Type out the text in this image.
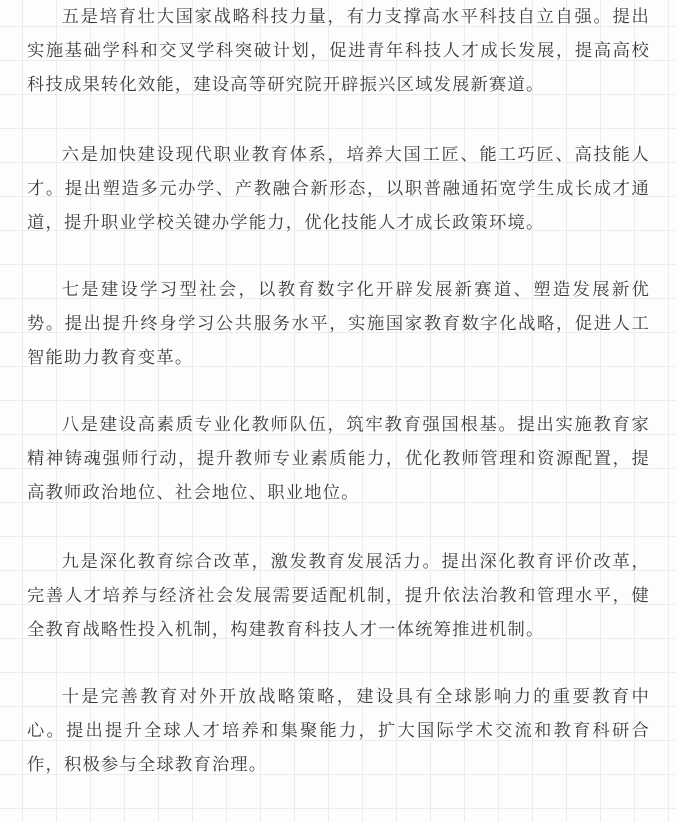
五是培育壮大国家战略科技力量，有力支撑高水平科技自立自强。提出实施基础学科和交叉学科突破计划，促进青年科技人才成长发展，提高高校科技成果转化效能，建设高等研究院开辟振兴区域发展新赛道。

六是加快建设现代职业教育体系，培养大国工匠、能工巧匠、高技能人才。提出塑造多元办学、产教融合新形态，以职普融通拓宽学生成长成才通道，提升职业学校关键办学能力，优化技能人才成长政策环境。

七是建设学习型社会，以教育数字化开辟发展新赛道、塑造发展新优势。提出提升终身学习公共服务水平，实施国家教育数字化战略，促进人工智能助力教育变革。

八是建设高素质专业化教师队伍，筑牢教育强国根基。提出实施教育家精神铸魂强师行动，提升教师专业素质能力，优化教师管理和资源配置，提高教师政治地位、社会地位、职业地位。

九是深化教育综合改革，激发教育发展活力。提出深化教育评价改革，完善人才培养与经济社会发展需要适配机制，提升依法治教和管理水平，健全教育战略性投入机制，构建教育科技人才一体统筹推进机制。

十是完善教育对外开放战略策略，建设具有全球影响力的重要教育中心。提出提升全球人才培养和集聚能力，扩大国际学术交流和教育科研合作，积极参与全球教育治理。
